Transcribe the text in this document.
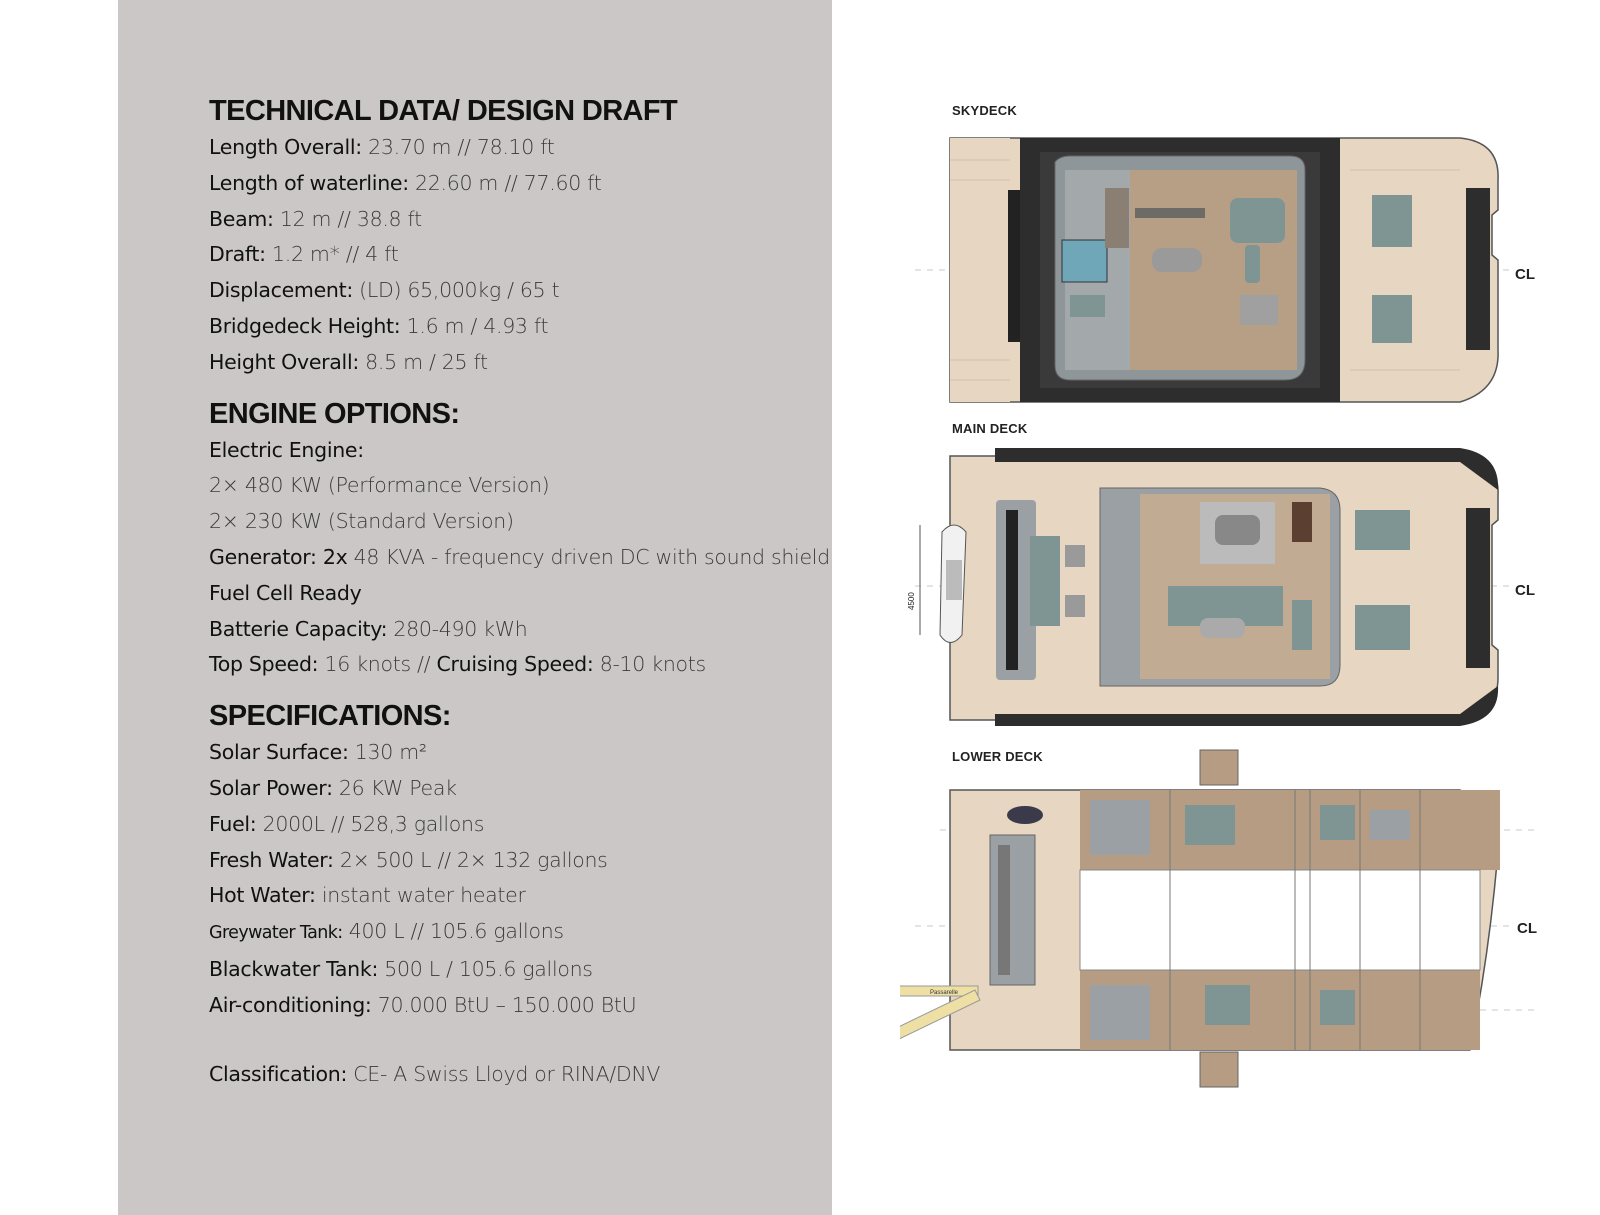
TECHNICAL DATA/ DESIGN DRAFT
Length Overall: 23.70 m // 78.10 ft
Length of waterline: 22.60 m // 77.60 ft
Beam: 12 m // 38.8 ft
Draft: 1.2 m* // 4 ft
Displacement: (LD) 65,000kg / 65 t
Bridgedeck Height: 1.6 m / 4.93 ft
Height Overall: 8.5 m / 25 ft
ENGINE OPTIONS:
Electric Engine:
2× 480 KW (Performance Version)
2× 230 KW (Standard Version)
Generator: 2x 48 KVA - frequency driven DC with sound shield
Fuel Cell Ready
Batterie Capacity: 280-490 kWh
Top Speed: 16 knots // Cruising Speed: 8-10 knots
SPECIFICATIONS:
Solar Surface: 130 m²
Solar Power: 26 KW Peak
Fuel: 2000L // 528,3 gallons
Fresh Water: 2× 500 L // 2× 132 gallons
Hot Water: instant water heater
Greywater Tank: 400 L // 105.6 gallons
Blackwater Tank: 500 L / 105.6 gallons
Air-conditioning: 70.000 BtU – 150.000 BtU
Classification: CE- A Swiss Lloyd or RINA/DNV
SKYDECK
MAIN DECK
LOWER DECK
CL
CL
CL
4500
Passarelle
